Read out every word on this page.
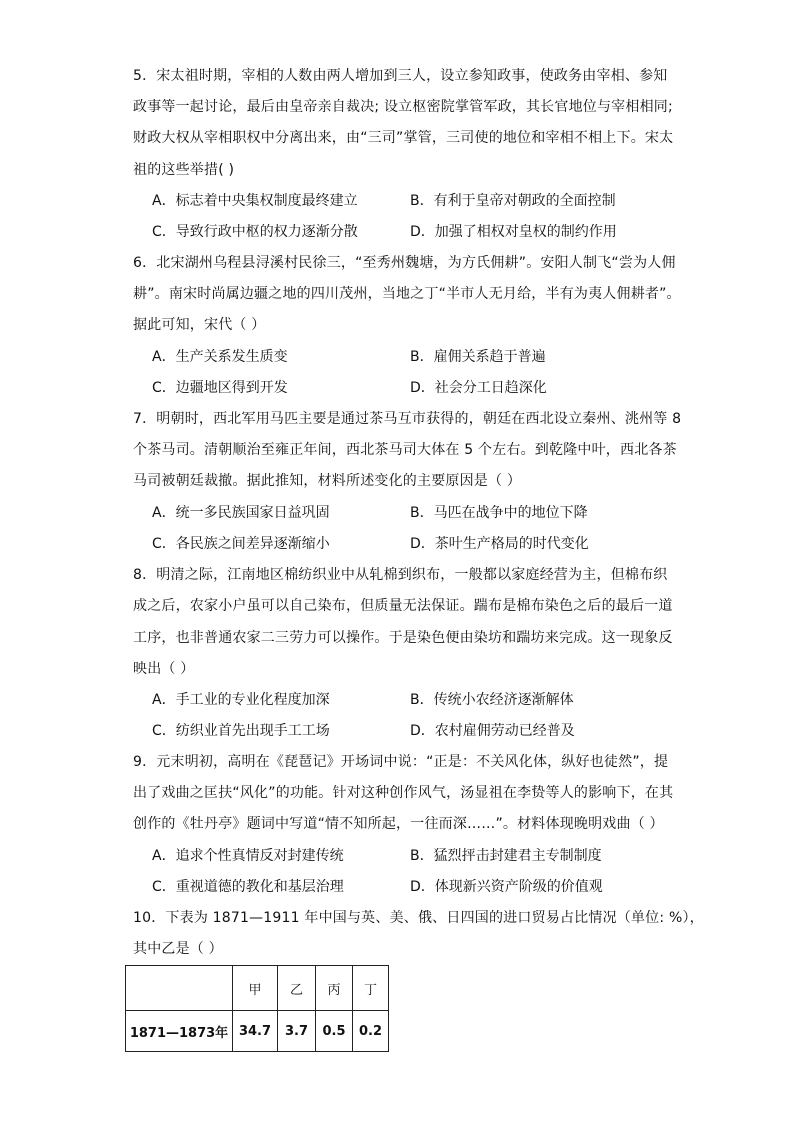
5．宋太祖时期，宰相的人数由两人增加到三人，设立参知政事，使政务由宰相、参知
政事等一起讨论，最后由皇帝亲自裁决; 设立枢密院掌管军政，其长官地位与宰相相同;
财政大权从宰相职权中分离出来，由“三司”掌管，三司使的地位和宰相不相上下。宋太
祖的这些举措( )
A．标志着中央集权制度最终建立	B．有利于皇帝对朝政的全面控制
C．导致行政中枢的权力逐渐分散	D．加强了相权对皇权的制约作用
6．北宋湖州乌程县浔溪村民徐三，“至秀州魏塘，为方氏佣耕”。安阳人制飞“尝为人佣
耕”。南宋时尚属边疆之地的四川茂州，当地之丁“半市人无月给，半有为夷人佣耕者”。
据此可知，宋代（ ）
A．生产关系发生质变	B．雇佣关系趋于普遍
C．边疆地区得到开发	D．社会分工日趋深化
7．明朝时，西北军用马匹主要是通过茶马互市获得的，朝廷在西北设立秦州、洮州等 8
个茶马司。清朝顺治至雍正年间，西北茶马司大体在 5 个左右。到乾隆中叶，西北各茶
马司被朝廷裁撤。据此推知，材料所述变化的主要原因是（ ）
A．统一多民族国家日益巩固	B．马匹在战争中的地位下降
C．各民族之间差异逐渐缩小	D．茶叶生产格局的时代变化
8．明清之际，江南地区棉纺织业中从轧棉到织布，一般都以家庭经营为主，但棉布织
成之后，农家小户虽可以自己染布，但质量无法保证。踹布是棉布染色之后的最后一道
工序，也非普通农家二三劳力可以操作。于是染色便由染坊和踹坊来完成。这一现象反
映出（ ）
A．手工业的专业化程度加深	B．传统小农经济逐渐解体
C．纺织业首先出现手工工场	D．农村雇佣劳动已经普及
9．元末明初，高明在《琵琶记》开场词中说：“正是：不关风化体，纵好也徒然”，提
出了戏曲之匡扶“风化”的功能。针对这种创作风气，汤显祖在李贽等人的影响下，在其
创作的《牡丹亭》题词中写道“情不知所起，一往而深……”。材料体现晚明戏曲（ ）
A．追求个性真情反对封建传统	B．猛烈抨击封建君主专制制度
C．重视道德的教化和基层治理	D．体现新兴资产阶级的价值观
10．下表为 1871—1911 年中国与英、美、俄、日四国的进口贸易占比情况（单位: %），
其中乙是（ ）
	甲	乙	丙	丁
1871—1873年	34.7	3.7	0.5	0.2
